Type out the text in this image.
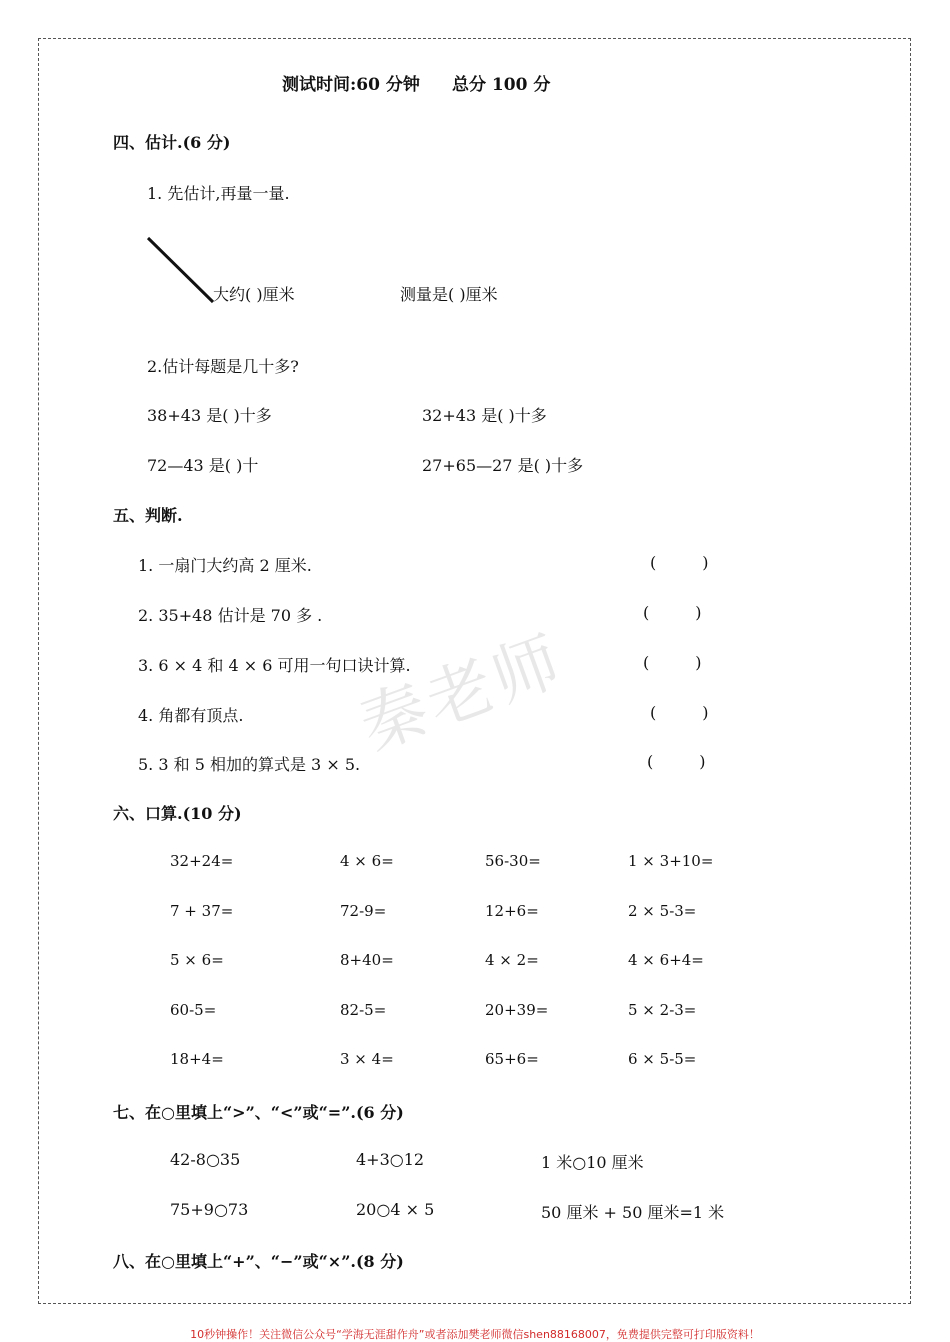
测试时间:60 分钟 总分 100 分
四、估计.(6 分)
1. 先估计,再量一量.
大约( )厘米	测量是( )厘米
2.估计每题是几十多?
38+43 是( )十多	32+43 是( )十多
72—43 是( )十	27+65—27 是( )十多
五、判断.
1. 一扇门大约高 2 厘米.	(	)
2. 35+48 估计是 70 多 .	(	)
3. 6 × 4 和 4 × 6 可用一句口诀计算.	(	)
4. 角都有顶点.	(	)
5. 3 和 5 相加的算式是 3 × 5.	(	)
秦老师
六、口算.(10 分)
32+24=	4 × 6=	56-30=	1 × 3+10=
7 + 37=	72-9=	12+6=	2 × 5-3=
5 × 6=	8+40=	4 × 2=	4 × 6+4=
60-5=	82-5=	20+39=	5 × 2-3=
18+4=	3 × 4=	65+6=	6 × 5-5=
七、在○里填上“>”、“<”或“=”.(6 分)
42-8○35	4+3○12	1 米○10 厘米
75+9○73	20○4 × 5	50 厘米 + 50 厘米=1 米
八、在○里填上“+”、“−”或“×”.(8 分)
10秒钟操作！关注微信公众号“学海无涯甜作舟”或者添加樊老师微信shen88168007，免费提供完整可打印版资料！
